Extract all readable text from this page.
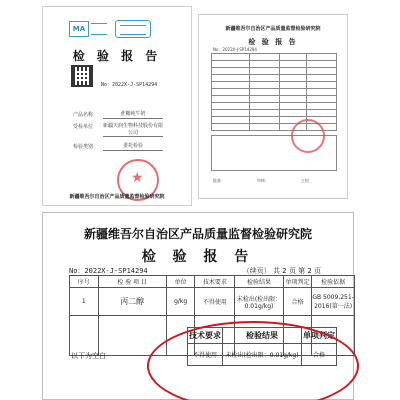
MA
检 验 报 告
No：2022X-J-SP14294
产品名称	蔗糖纯牛奶
受检单位 新疆天润生物科技股份有限公司
检验类别	委托检验
★
新疆维吾尔自治区产品质量监督检验研究院
新疆维吾尔自治区产品质量监督检验研究院
检 验 报 告
No：2022X-J-SP14294

批准：	审核：	主检：
新疆维吾尔自治区产品质量监督检验研究院
检 验 报 告
No：2022X-J-SP14294	（续页） 共 2 页 第 2 页
序号	检 验 项 目	单位	技术要求	检验结果	单项判定	检验依据
1	丙二醇	g/kg	不得使用	未检出(检出限：0.01g/kg)	合格	GB 5009.251-2016(第一法)

以下为空白
技术要求	检验结果	单项判定
不得使用	未检出(检出限：0.01g/kg)	合格
